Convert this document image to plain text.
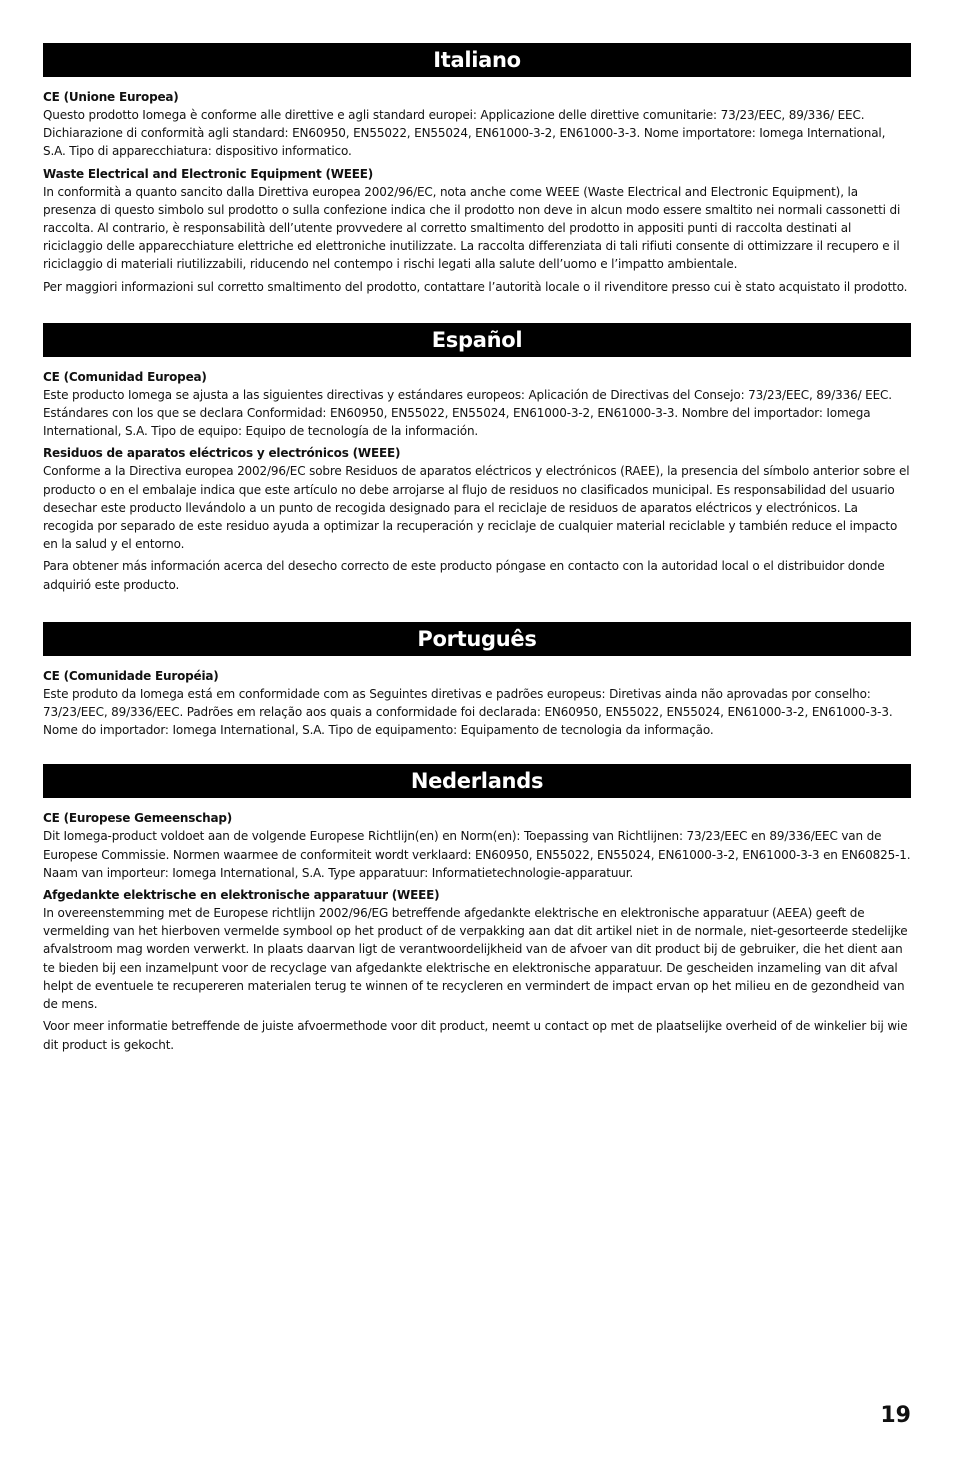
Italiano

CE (Unione Europea)

Questo prodotto Iomega è conforme alle direttive e agli standard europei: Applicazione delle direttive comunitarie: 73/23/EEC, 89/336/ EEC. Dichiarazione di conformità agli standard: EN60950, EN55022, EN55024, EN61000-3-2, EN61000-3-3. Nome importatore: Iomega International, S.A. Tipo di apparecchiatura: dispositivo informatico.

Waste Electrical and Electronic Equipment (WEEE)

In conformità a quanto sancito dalla Direttiva europea 2002/96/EC, nota anche come WEEE (Waste Electrical and Electronic Equipment), la presenza di questo simbolo sul prodotto o sulla confezione indica che il prodotto non deve in alcun modo essere smaltito nei normali cassonetti di raccolta. Al contrario, è responsabilità dell’utente provvedere al corretto smaltimento del prodotto in appositi punti di raccolta destinati al riciclaggio delle apparecchiature elettriche ed elettroniche inutilizzate. La raccolta differenziata di tali rifiuti consente di ottimizzare il recupero e il riciclaggio di materiali riutilizzabili, riducendo nel contempo i rischi legati alla salute dell’uomo e l’impatto ambientale.

Per maggiori informazioni sul corretto smaltimento del prodotto, contattare l’autorità locale o il rivenditore presso cui è stato acquistato il prodotto.

Español

CE (Comunidad Europea)

Este producto Iomega se ajusta a las siguientes directivas y estándares europeos: Aplicación de Directivas del Consejo: 73/23/EEC, 89/336/ EEC. Estándares con los que se declara Conformidad: EN60950, EN55022, EN55024, EN61000-3-2, EN61000-3-3. Nombre del importador: Iomega International, S.A. Tipo de equipo: Equipo de tecnología de la información.

Residuos de aparatos eléctricos y electrónicos (WEEE)

Conforme a la Directiva europea 2002/96/EC sobre Residuos de aparatos eléctricos y electrónicos (RAEE), la presencia del símbolo anterior sobre el producto o en el embalaje indica que este artículo no debe arrojarse al flujo de residuos no clasificados municipal. Es responsabilidad del usuario desechar este producto llevándolo a un punto de recogida designado para el reciclaje de residuos de aparatos eléctricos y electrónicos. La recogida por separado de este residuo ayuda a optimizar la recuperación y reciclaje de cualquier material reciclable y también reduce el impacto en la salud y el entorno.

Para obtener más información acerca del desecho correcto de este producto póngase en contacto con la autoridad local o el distribuidor donde adquirió este producto.

Português

CE (Comunidade Européia)

Este produto da Iomega está em conformidade com as Seguintes diretivas e padrões europeus: Diretivas ainda não aprovadas por conselho: 73/23/EEC, 89/336/EEC. Padrões em relação aos quais a conformidade foi declarada: EN60950, EN55022, EN55024, EN61000-3-2, EN61000-3-3. Nome do importador: Iomega International, S.A. Tipo de equipamento: Equipamento de tecnologia da informação.

Nederlands

CE (Europese Gemeenschap)

Dit Iomega-product voldoet aan de volgende Europese Richtlijn(en) en Norm(en): Toepassing van Richtlijnen: 73/23/EEC en 89/336/EEC van de Europese Commissie. Normen waarmee de conformiteit wordt verklaard: EN60950, EN55022, EN55024, EN61000-3-2, EN61000-3-3 en EN60825-1. Naam van importeur: Iomega International, S.A. Type apparatuur: Informatietechnologie-apparatuur.

Afgedankte elektrische en elektronische apparatuur (WEEE)

In overeenstemming met de Europese richtlijn 2002/96/EG betreffende afgedankte elektrische en elektronische apparatuur (AEEA) geeft de vermelding van het hierboven vermelde symbool op het product of de verpakking aan dat dit artikel niet in de normale, niet-gesorteerde stedelijke afvalstroom mag worden verwerkt. In plaats daarvan ligt de verantwoordelijkheid van de afvoer van dit product bij de gebruiker, die het dient aan te bieden bij een inzamelpunt voor de recyclage van afgedankte elektrische en elektronische apparatuur. De gescheiden inzameling van dit afval helpt de eventuele te recupereren materialen terug te winnen of te recycleren en vermindert de impact ervan op het milieu en de gezondheid van de mens.

Voor meer informatie betreffende de juiste afvoermethode voor dit product, neemt u contact op met de plaatselijke overheid of de winkelier bij wie dit product is gekocht.

19
